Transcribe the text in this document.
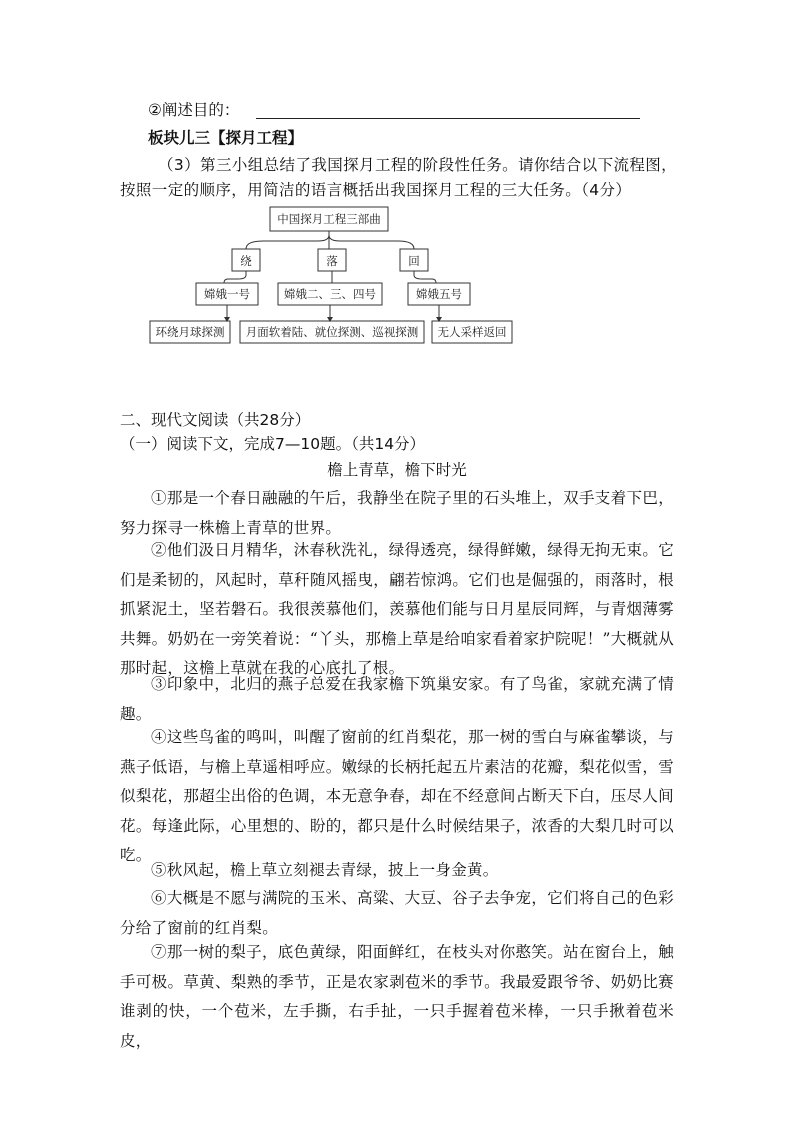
②阐述目的：
板块儿三【探月工程】
（3）第三小组总结了我国探月工程的阶段性任务。请你结合以下流程图，
按照一定的顺序，用简洁的语言概括出我国探月工程的三大任务。（4分）
中国探月工程三部曲
绕	落	回
嫦娥一号	嫦娥二、三、四号	嫦娥五号
环绕月球探测 月面软着陆、就位探测、巡视探测 无人采样返回
二、现代文阅读（共28分）
（一）阅读下文，完成7—10题。（共14分）
檐上青草，檐下时光
①那是一个春日融融的午后，我静坐在院子里的石头堆上，双手支着下巴，努力探寻一株檐上青草的世界。
②他们汲日月精华，沐春秋洗礼，绿得透亮，绿得鲜嫩，绿得无拘无束。它们是柔韧的，风起时，草秆随风摇曳，翩若惊鸿。它们也是倔强的，雨落时，根抓紧泥土，坚若磐石。我很羡慕他们，羡慕他们能与日月星辰同辉，与青烟薄雾共舞。奶奶在一旁笑着说：“丫头，那檐上草是给咱家看着家护院呢！”大概就从那时起，这檐上草就在我的心底扎了根。
③印象中，北归的燕子总爱在我家檐下筑巢安家。有了鸟雀，家就充满了情趣。
④这些鸟雀的鸣叫，叫醒了窗前的红肖梨花，那一树的雪白与麻雀攀谈，与燕子低语，与檐上草遥相呼应。嫩绿的长柄托起五片素洁的花瓣，梨花似雪，雪似梨花，那超尘出俗的色调，本无意争春，却在不经意间占断天下白，压尽人间花。每逢此际，心里想的、盼的，都只是什么时候结果子，浓香的大梨几时可以吃。
⑤秋风起，檐上草立刻褪去青绿，披上一身金黄。
⑥大概是不愿与满院的玉米、高粱、大豆、谷子去争宠，它们将自己的色彩分给了窗前的红肖梨。
⑦那一树的梨子，底色黄绿，阳面鲜红，在枝头对你憨笑。站在窗台上，触手可极。草黄、梨熟的季节，正是农家剥苞米的季节。我最爱跟爷爷、奶奶比赛谁剥的快，一个苞米，左手撕，右手扯，一只手握着苞米棒，一只手揪着苞米皮，
